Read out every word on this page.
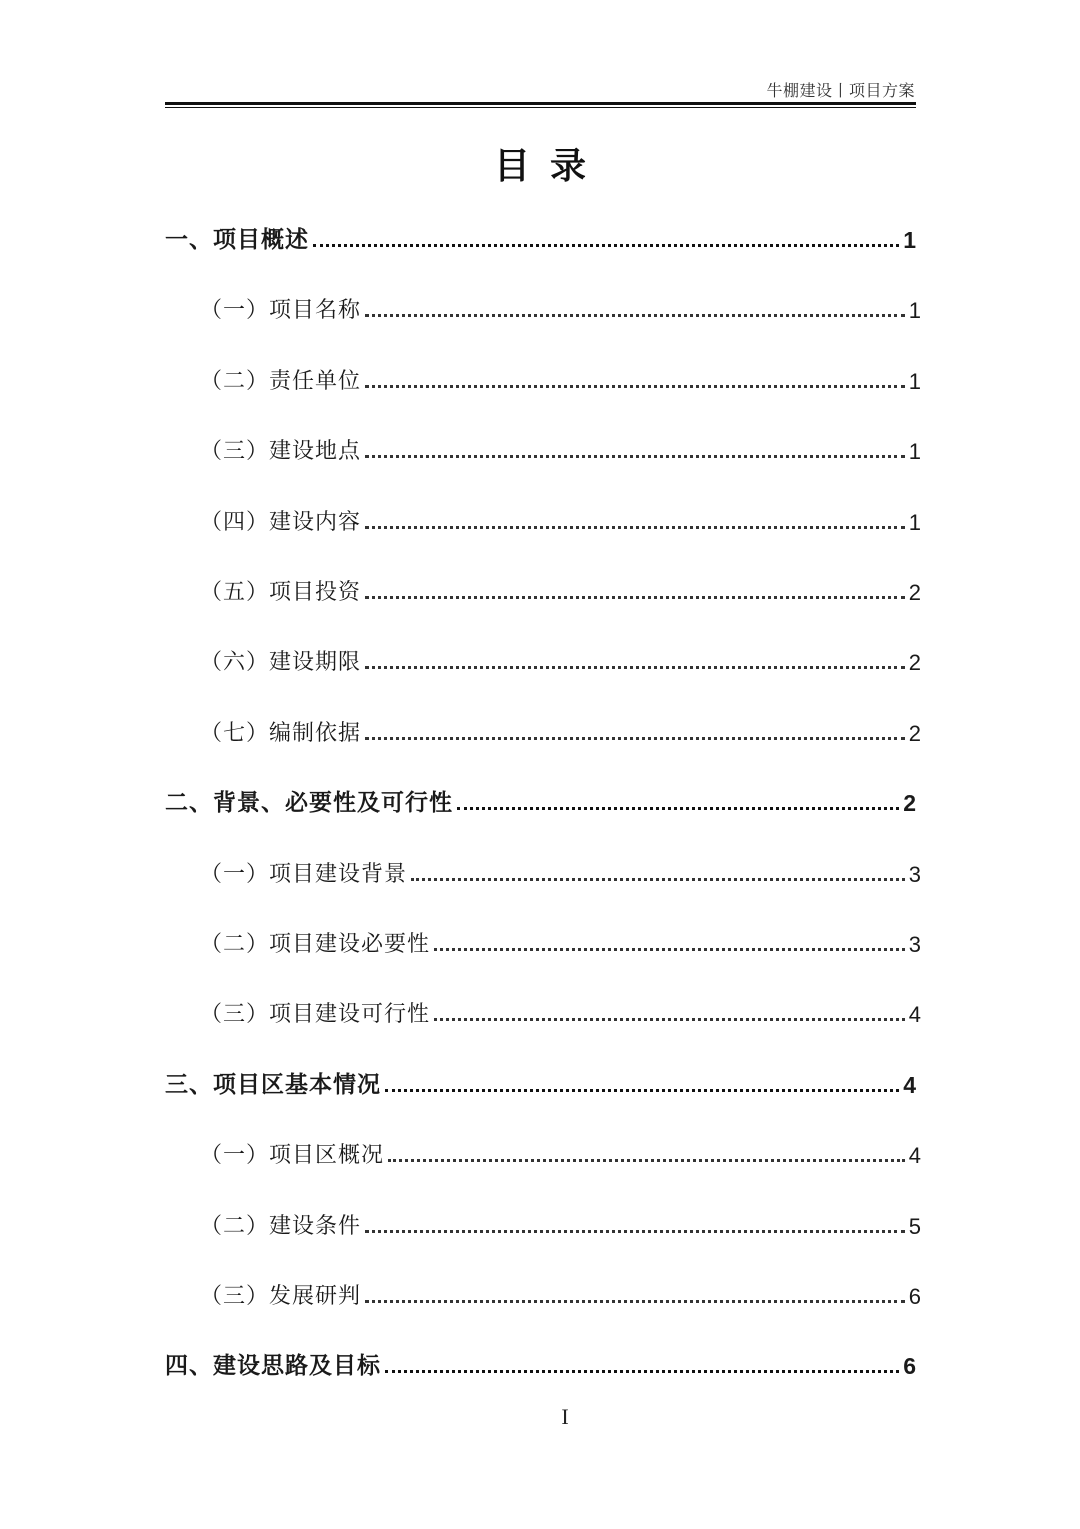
牛棚建设丨项目方案
目录
一、项目概述	1
（一）项目名称	1
（二）责任单位	1
（三）建设地点	1
（四）建设内容	1
（五）项目投资	2
（六）建设期限	2
（七）编制依据	2
二、背景、必要性及可行性	2
（一）项目建设背景	3
（二）项目建设必要性	3
（三）项目建设可行性	4
三、项目区基本情况	4
（一）项目区概况	4
（二）建设条件	5
（三）发展研判	6
四、建设思路及目标	6
I
